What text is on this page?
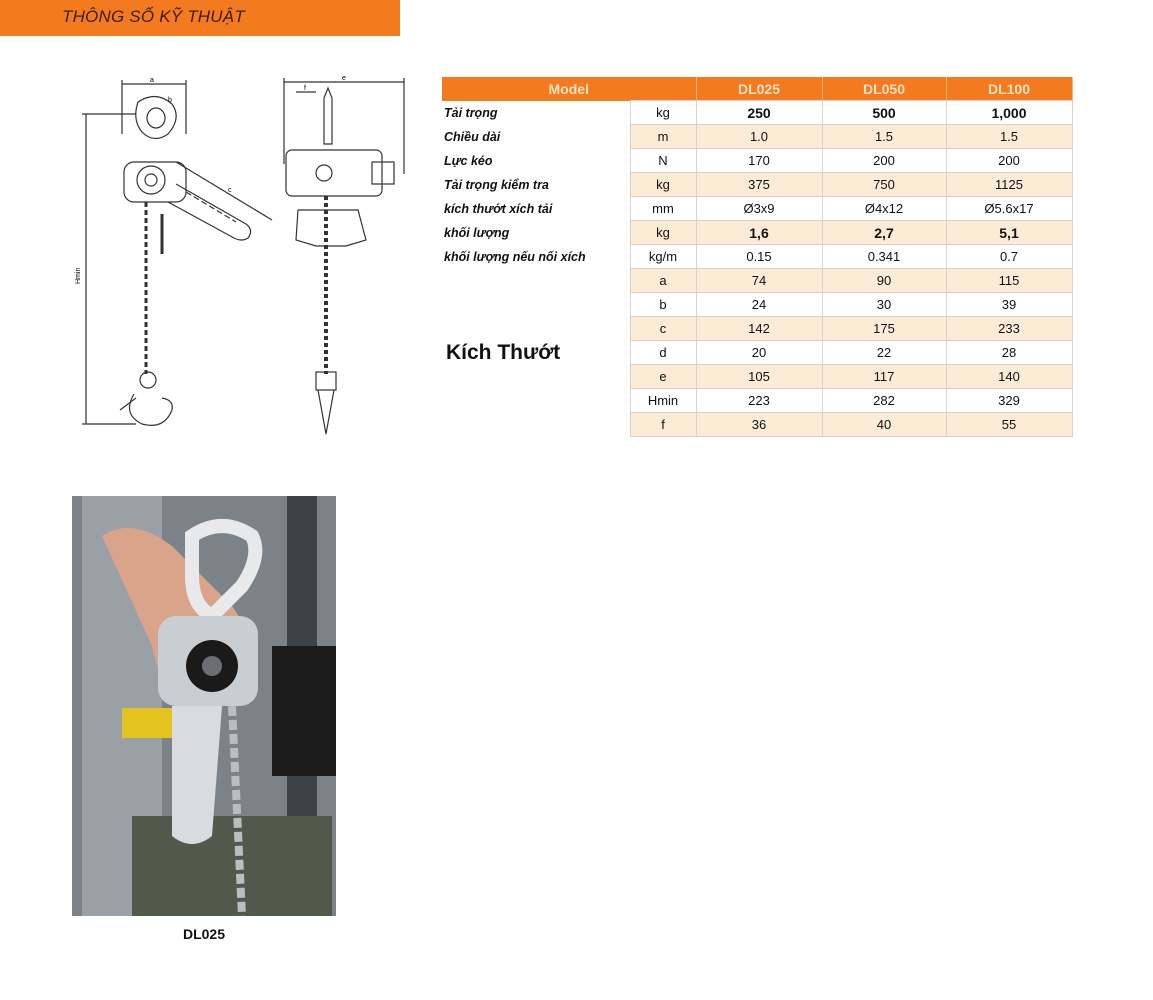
THÔNG SỐ KỸ THUẬT
a
b
c
Hmin
e
f	Model		DL025	DL050	DL100
Tải trọng	kg	250	500	1,000
Chiều dài	m	1.0	1.5	1.5
Lực kéo	N	170	200	200
Tải trọng kiểm tra	kg	375	750	1125
kích thướt xích tải	mm	Ø3x9	Ø4x12	Ø5.6x17
khối lượng	kg	1,6	2,7	5,1
khối lượng nếu nối xích	kg/m	0.15	0.341	0.7
Kích Thướt	a	74	90	115
	b	24	30	39
	c	142	175	233
	d	20	22	28
	e	105	117	140
	Hmin	223	282	329
	f	36	40	55
DL025
